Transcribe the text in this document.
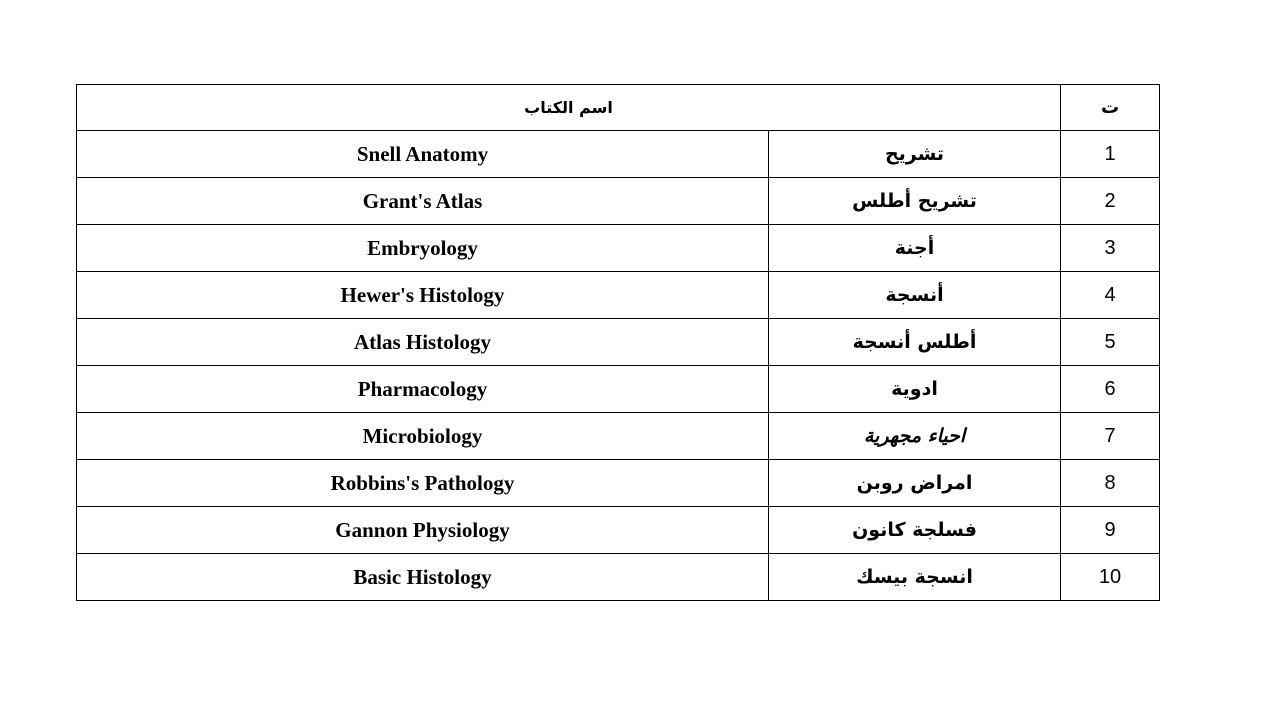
اسم الكتاب		ت
Snell Anatomy	تشريح	1
Grant's Atlas	تشريح أطلس	2
Embryology	أجنة	3
Hewer's Histology	أنسجة	4
Atlas Histology	أطلس أنسجة	5
Pharmacology	ادوية	6
Microbiology	احياء مجهرية	7
Robbins's Pathology	امراض روبن	8
Gannon Physiology	فسلجة كانون	9
Basic Histology	انسجة بيسك	10
